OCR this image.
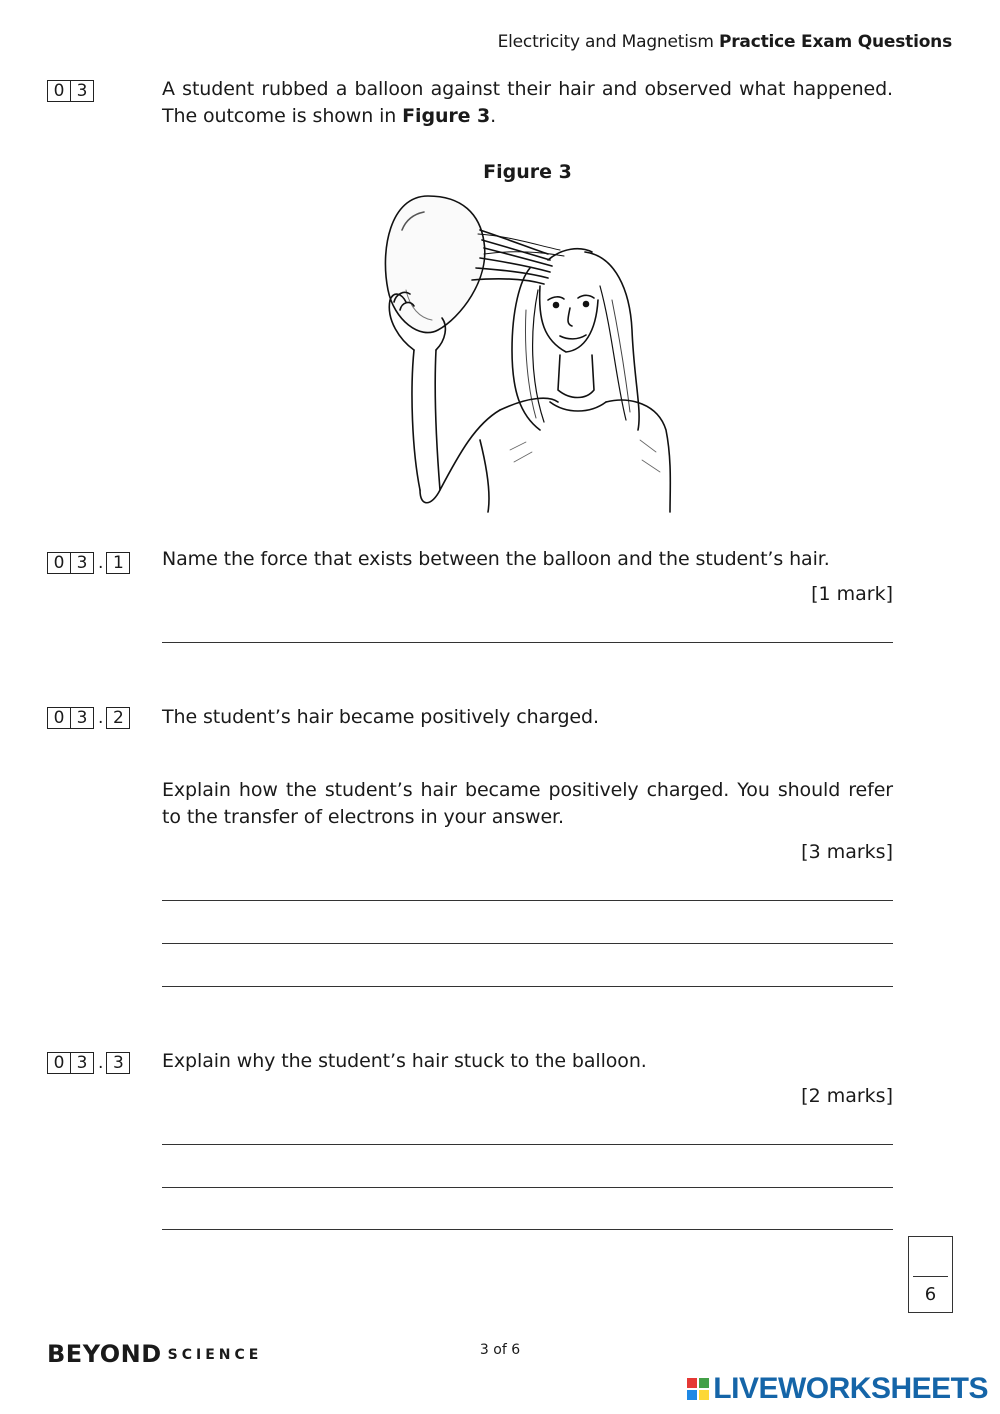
Electricity and Magnetism Practice Exam Questions
0 3	A student rubbed a balloon against their hair and observed what happened. The outcome is shown in Figure 3.
Figure 3
0 3 . 1	Name the force that exists between the balloon and the student’s hair.
[1 mark]
0 3 . 2	The student’s hair became positively charged.
Explain how the student’s hair became positively charged. You should refer to the transfer of electrons in your answer.
[3 marks]
0 3 . 3	Explain why the student’s hair stuck to the balloon.
[2 marks]
6
BEYOND SCIENCE	3 of 6
LIVEWORKSHEETS
